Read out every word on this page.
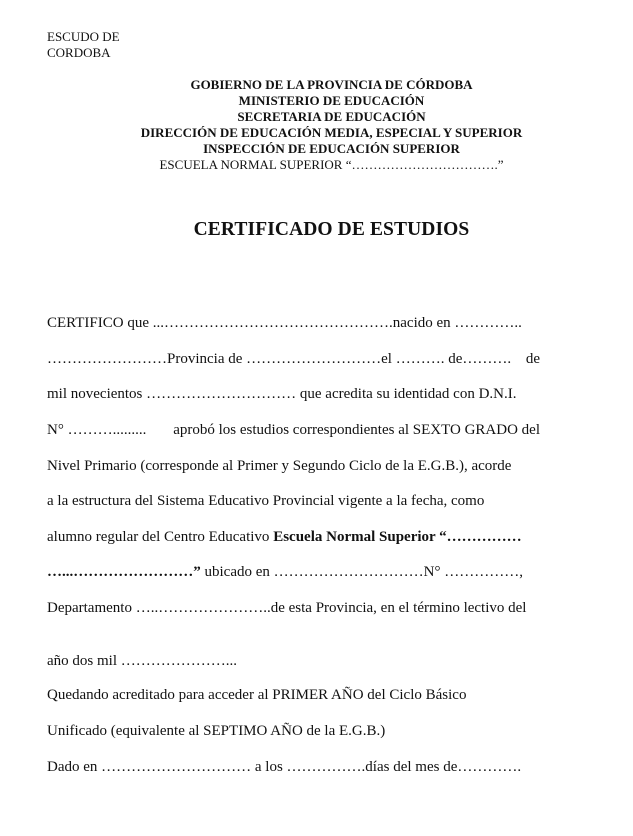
ESCUDO DE
CORDOBA
GOBIERNO DE LA PROVINCIA DE CÓRDOBA
MINISTERIO DE EDUCACIÓN
SECRETARIA DE EDUCACIÓN
DIRECCIÓN DE EDUCACIÓN MEDIA, ESPECIAL Y SUPERIOR
INSPECCIÓN DE EDUCACIÓN SUPERIOR
ESCUELA NORMAL SUPERIOR “…………………………….”
CERTIFICADO DE ESTUDIOS
CERTIFICO que ...……………………………………….nacido en …………..
……………………Provincia de ………………………el ………. de………. de
mil novecientos ………………………… que acredita su identidad con D.N.I.
N° ………......... aprobó los estudios correspondientes al SEXTO GRADO del
Nivel Primario (corresponde al Primer y Segundo Ciclo de la E.G.B.), acorde
a la estructura del Sistema Educativo Provincial vigente a la fecha, como
alumno regular del Centro Educativo Escuela Normal Superior “……………
…...……………………” ubicado en …………………………N° ……………,
Departamento …..…………………..de esta Provincia, en el término lectivo del
año dos mil …………………...
Quedando acreditado para acceder al PRIMER AÑO del Ciclo Básico
Unificado (equivalente al SEPTIMO AÑO de la E.G.B.)
Dado en ………………………… a los …………….días del mes de………….
